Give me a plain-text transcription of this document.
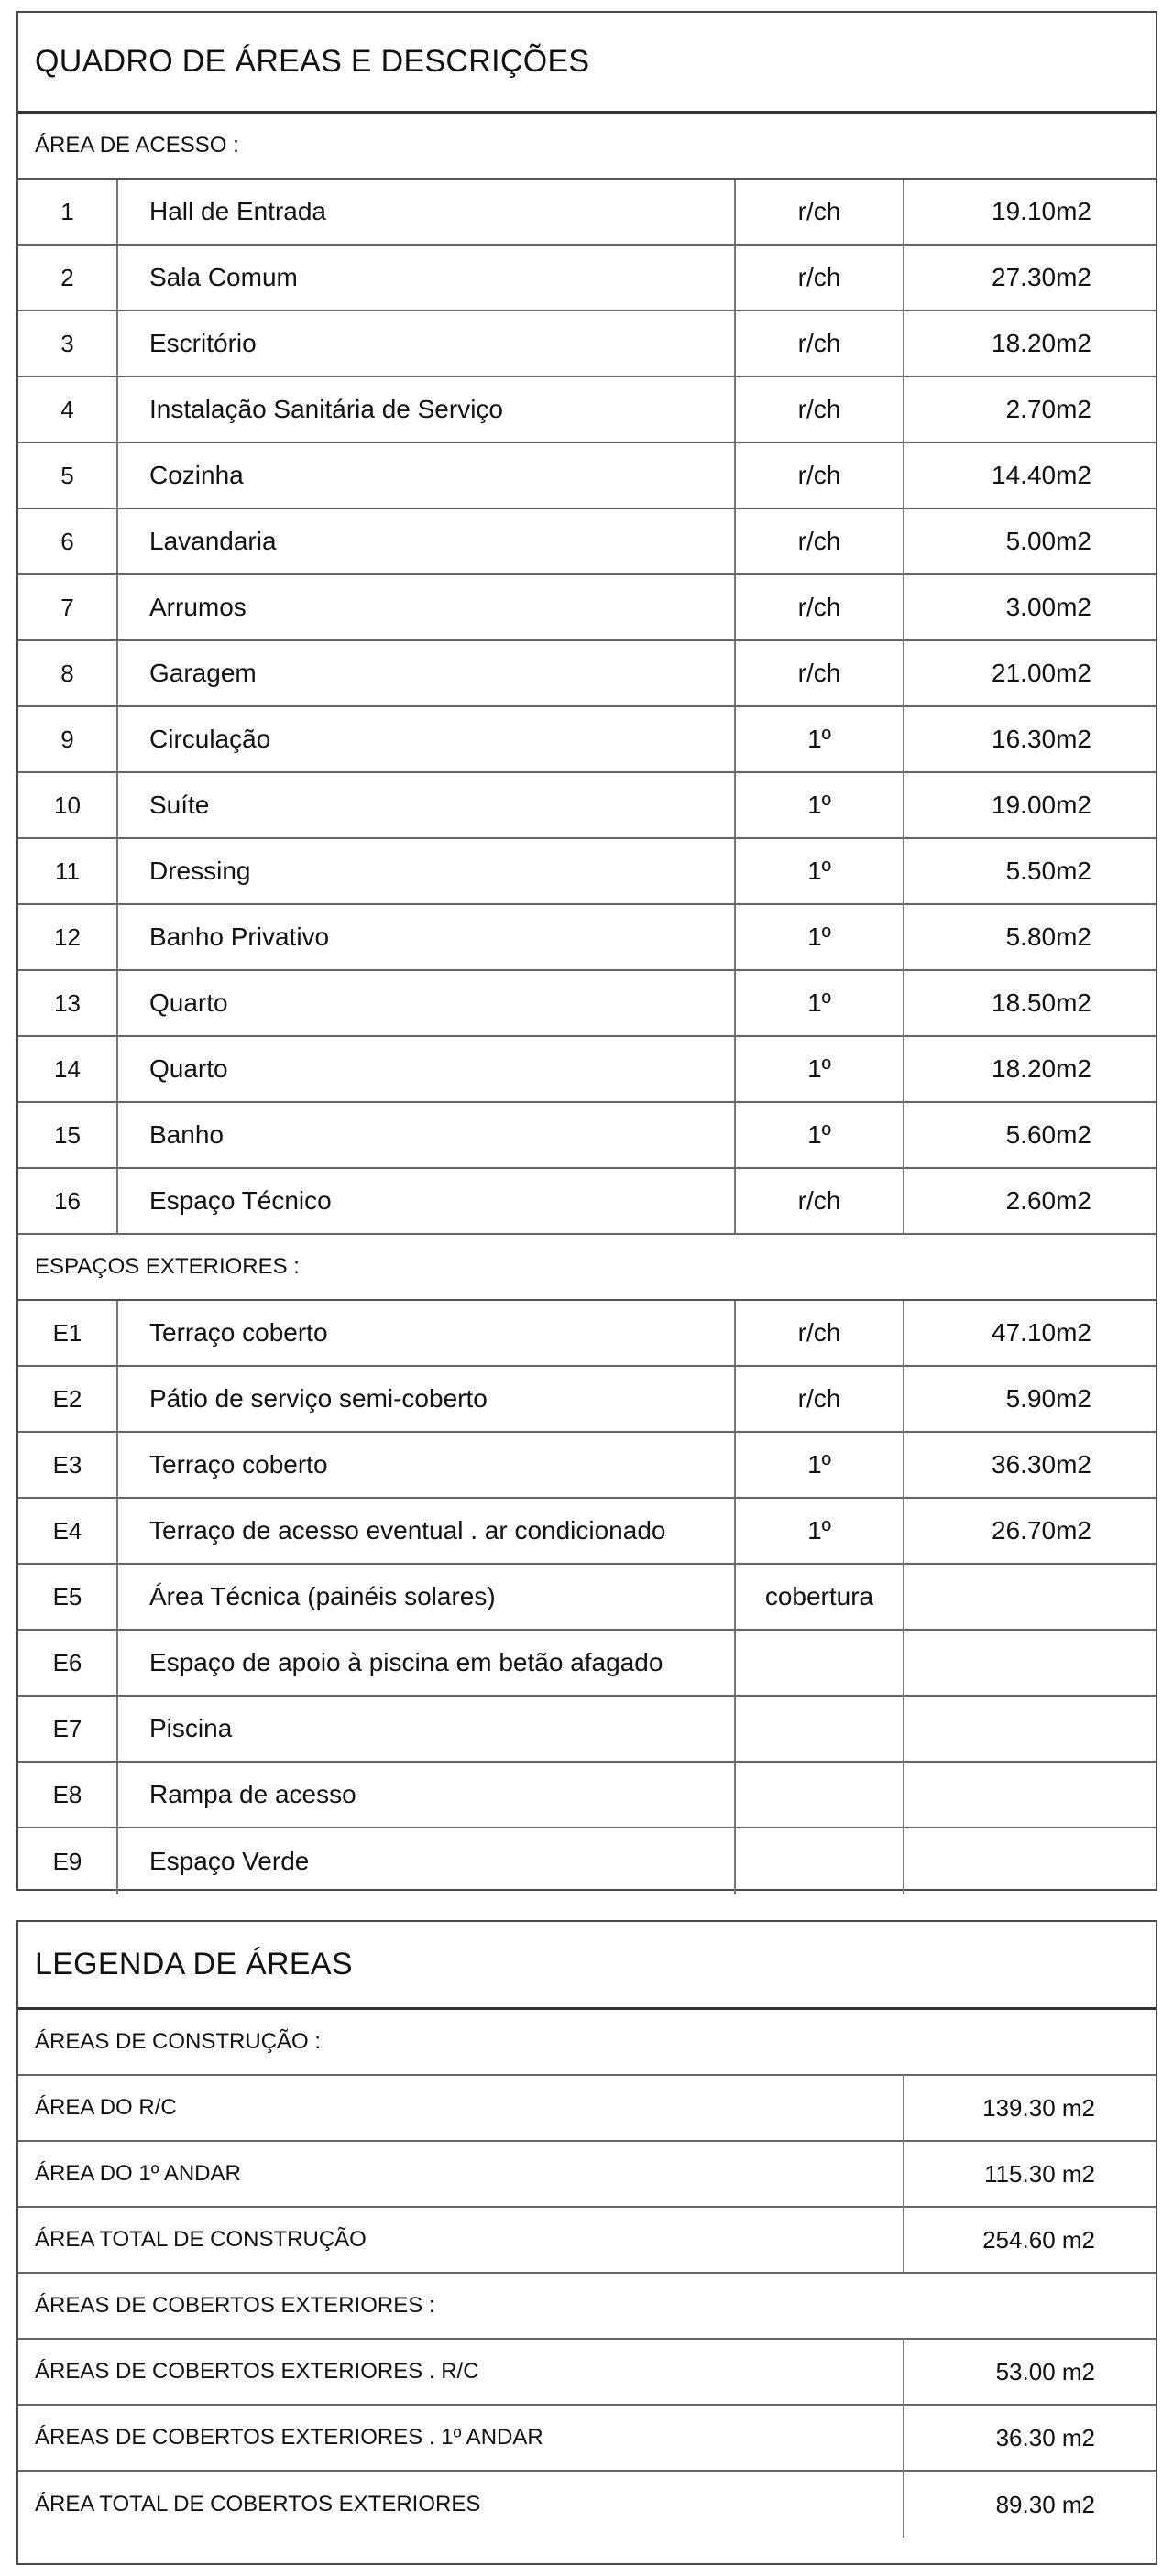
QUADRO DE ÁREAS E DESCRIÇÕES
ÁREA DE ACESSO :
1	Hall de Entrada	r/ch	19.10m2
2	Sala Comum	r/ch	27.30m2
3	Escritório	r/ch	18.20m2
4	Instalação Sanitária de Serviço	r/ch	2.70m2
5	Cozinha	r/ch	14.40m2
6	Lavandaria	r/ch	5.00m2
7	Arrumos	r/ch	3.00m2
8	Garagem	r/ch	21.00m2
9	Circulação	1º	16.30m2
10	Suíte	1º	19.00m2
11	Dressing	1º	5.50m2
12	Banho Privativo	1º	5.80m2
13	Quarto	1º	18.50m2
14	Quarto	1º	18.20m2
15	Banho	1º	5.60m2
16	Espaço Técnico	r/ch	2.60m2
ESPAÇOS EXTERIORES :
E1	Terraço coberto	r/ch	47.10m2
E2	Pátio de serviço semi-coberto	r/ch	5.90m2
E3	Terraço coberto	1º	36.30m2
E4	Terraço de acesso eventual . ar condicionado	1º	26.70m2
E5	Área Técnica (painéis solares)	cobertura
E6	Espaço de apoio à piscina em betão afagado
E7	Piscina
E8	Rampa de acesso
E9	Espaço Verde
LEGENDA DE ÁREAS
ÁREAS DE CONSTRUÇÃO :
ÁREA DO R/C	139.30 m2
ÁREA DO 1º ANDAR	115.30 m2
ÁREA TOTAL DE CONSTRUÇÃO	254.60 m2
ÁREAS DE COBERTOS EXTERIORES :
ÁREAS DE COBERTOS EXTERIORES . R/C	53.00 m2
ÁREAS DE COBERTOS EXTERIORES . 1º ANDAR	36.30 m2
ÁREA TOTAL DE COBERTOS EXTERIORES	89.30 m2
